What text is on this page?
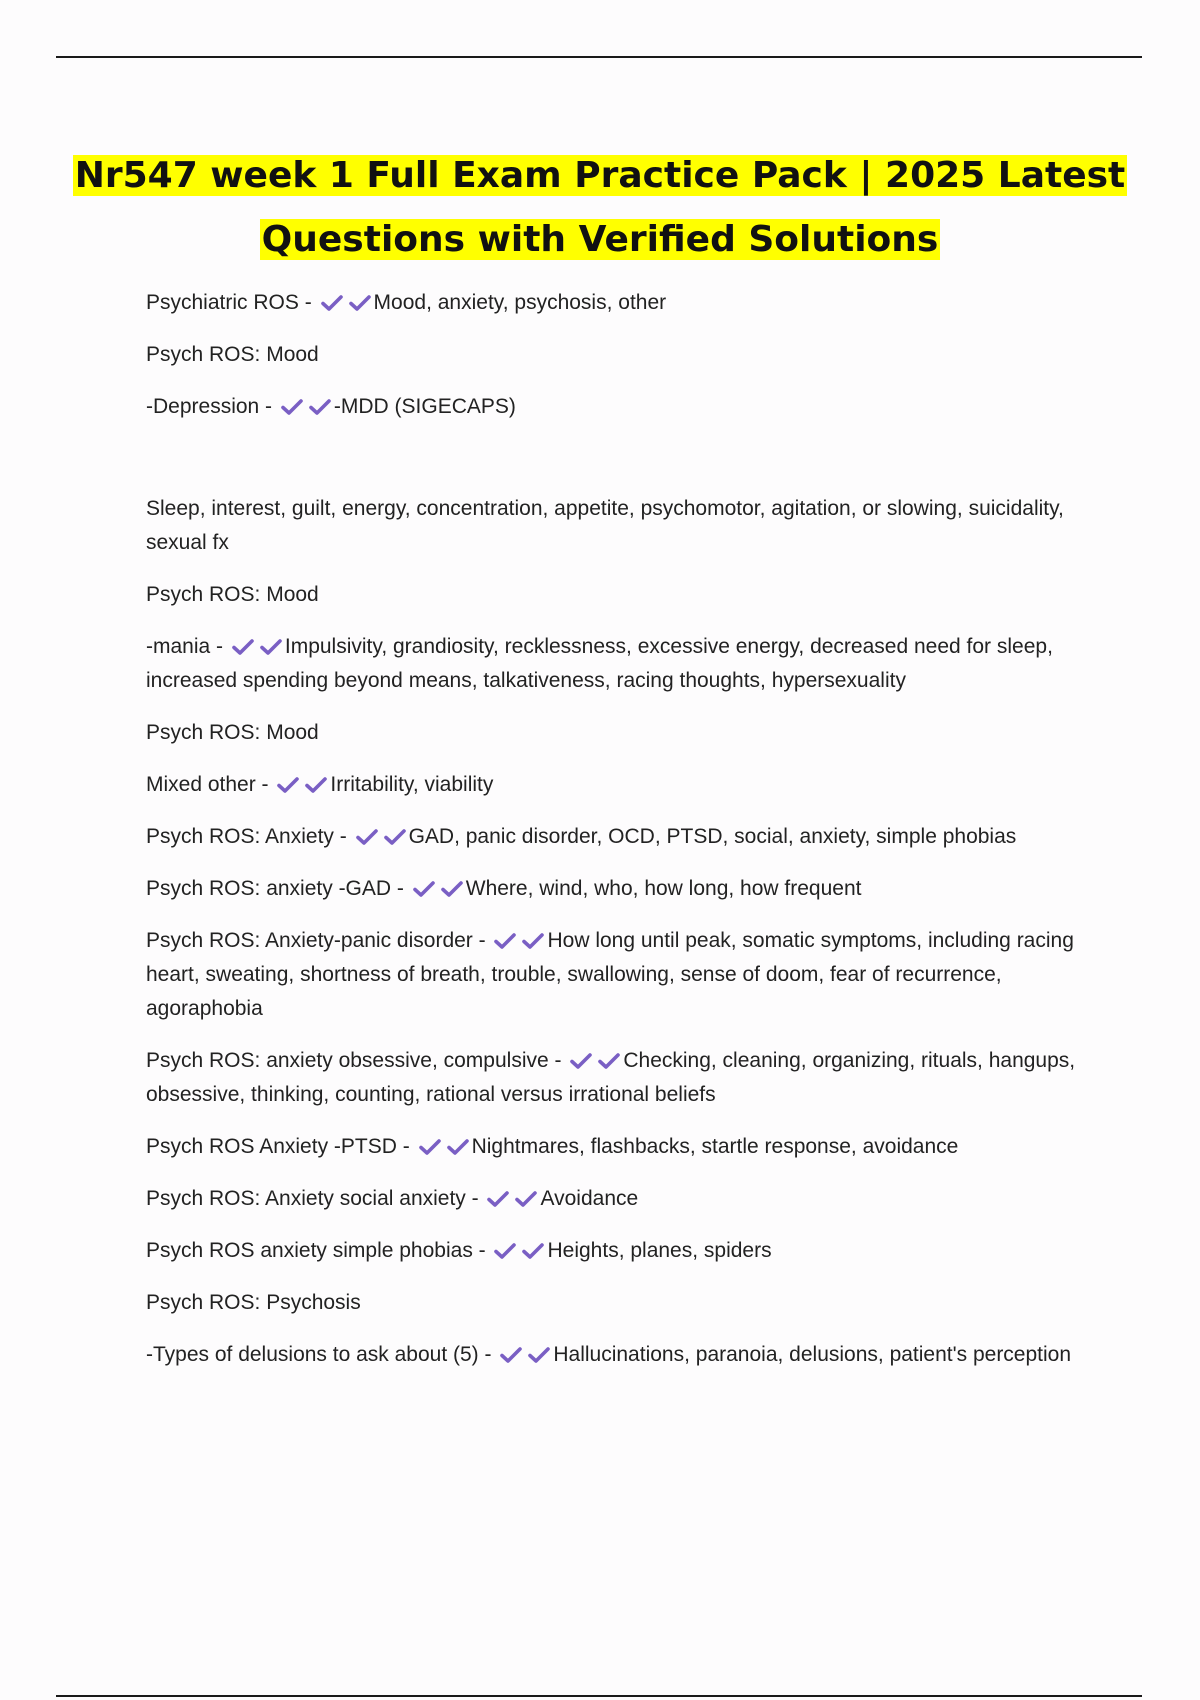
Nr547 week 1 Full Exam Practice Pack | 2025 Latest
Questions with Verified Solutions

Psychiatric ROS -	Mood, anxiety, psychosis, other

Psych ROS: Mood

-Depression -	-MDD (SIGECAPS)

Sleep, interest, guilt, energy, concentration, appetite, psychomotor, agitation, or slowing, suicidality, sexual fx

Psych ROS: Mood

-mania -	Impulsivity, grandiosity, recklessness, excessive energy, decreased need for sleep, increased spending beyond means, talkativeness, racing thoughts, hypersexuality

Psych ROS: Mood

Mixed other -	Irritability, viability

Psych ROS: Anxiety -	GAD, panic disorder, OCD, PTSD, social, anxiety, simple phobias

Psych ROS: anxiety -GAD -	Where, wind, who, how long, how frequent

Psych ROS: Anxiety-panic disorder -	How long until peak, somatic symptoms, including racing heart, sweating, shortness of breath, trouble, swallowing, sense of doom, fear of recurrence, agoraphobia

Psych ROS: anxiety obsessive, compulsive -	Checking, cleaning, organizing, rituals, hangups, obsessive, thinking, counting, rational versus irrational beliefs

Psych ROS Anxiety -PTSD -	Nightmares, flashbacks, startle response, avoidance

Psych ROS: Anxiety social anxiety -	Avoidance

Psych ROS anxiety simple phobias -	Heights, planes, spiders

Psych ROS: Psychosis

-Types of delusions to ask about (5) -	Hallucinations, paranoia, delusions, patient's perception
